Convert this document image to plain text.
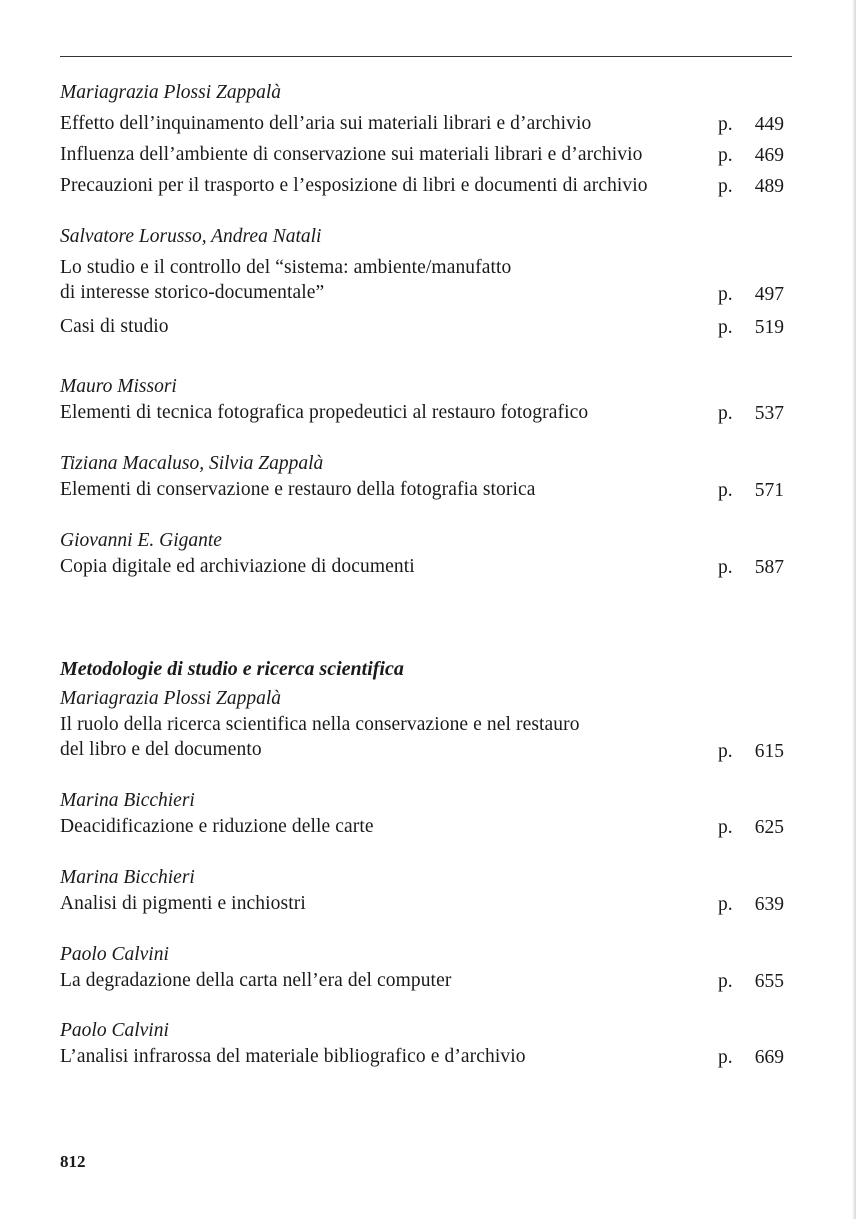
Mariagrazia Plossi Zappalà
Effetto dell’inquinamento dell’aria sui materiali librari e d’archivio	p. 449
Influenza dell’ambiente di conservazione sui materiali librari e d’archivio	p. 469
Precauzioni per il trasporto e l’esposizione di libri e documenti di archivio	p. 489
Salvatore Lorusso, Andrea Natali
Lo studio e il controllo del “sistema: ambiente/manufatto
di interesse storico-documentale”	p. 497
Casi di studio	p. 519
Mauro Missori
Elementi di tecnica fotografica propedeutici al restauro fotografico	p. 537
Tiziana Macaluso, Silvia Zappalà
Elementi di conservazione e restauro della fotografia storica	p. 571
Giovanni E. Gigante
Copia digitale ed archiviazione di documenti	p. 587
Metodologie di studio e ricerca scientifica
Mariagrazia Plossi Zappalà
Il ruolo della ricerca scientifica nella conservazione e nel restauro
del libro e del documento	p. 615
Marina Bicchieri
Deacidificazione e riduzione delle carte	p. 625
Marina Bicchieri
Analisi di pigmenti e inchiostri	p. 639
Paolo Calvini
La degradazione della carta nell’era del computer	p. 655
Paolo Calvini
L’analisi infrarossa del materiale bibliografico e d’archivio	p. 669
812
